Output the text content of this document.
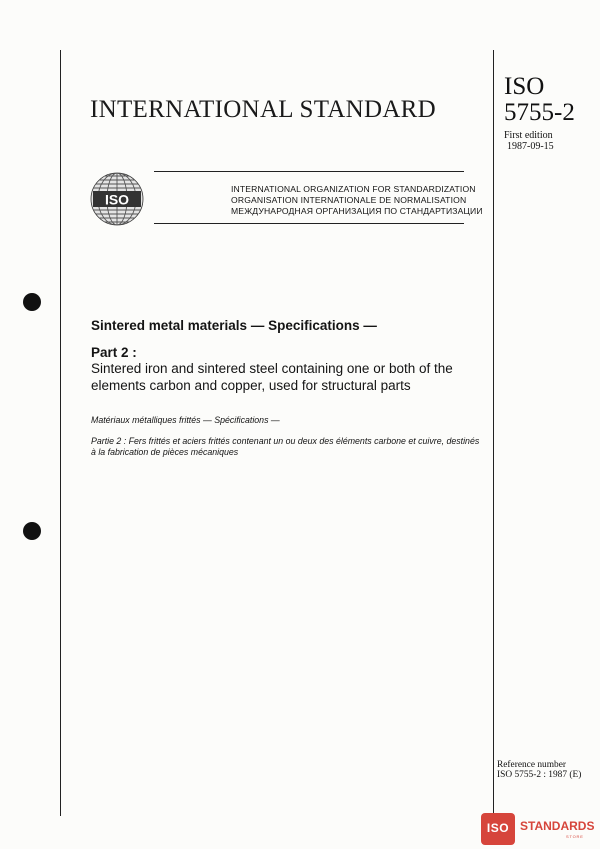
INTERNATIONAL STANDARD
ISO
5755-2
First edition
1987-09-15
ISO
INTERNATIONAL ORGANIZATION FOR STANDARDIZATION
ORGANISATION INTERNATIONALE DE NORMALISATION
МЕЖДУНАРОДНАЯ ОРГАНИЗАЦИЯ ПО СТАНДАРТИЗАЦИИ
Sintered metal materials — Specifications —
Part 2 :
Sintered iron and sintered steel containing one or both of the elements carbon and copper, used for structural parts
Matériaux métalliques frittés — Spécifications —
Partie 2 : Fers frittés et aciers frittés contenant un ou deux des éléments carbone et cuivre, destinés à la fabrication de pièces mécaniques
Reference number
ISO 5755-2 : 1987 (E)
ISO STANDARDS
STORE
